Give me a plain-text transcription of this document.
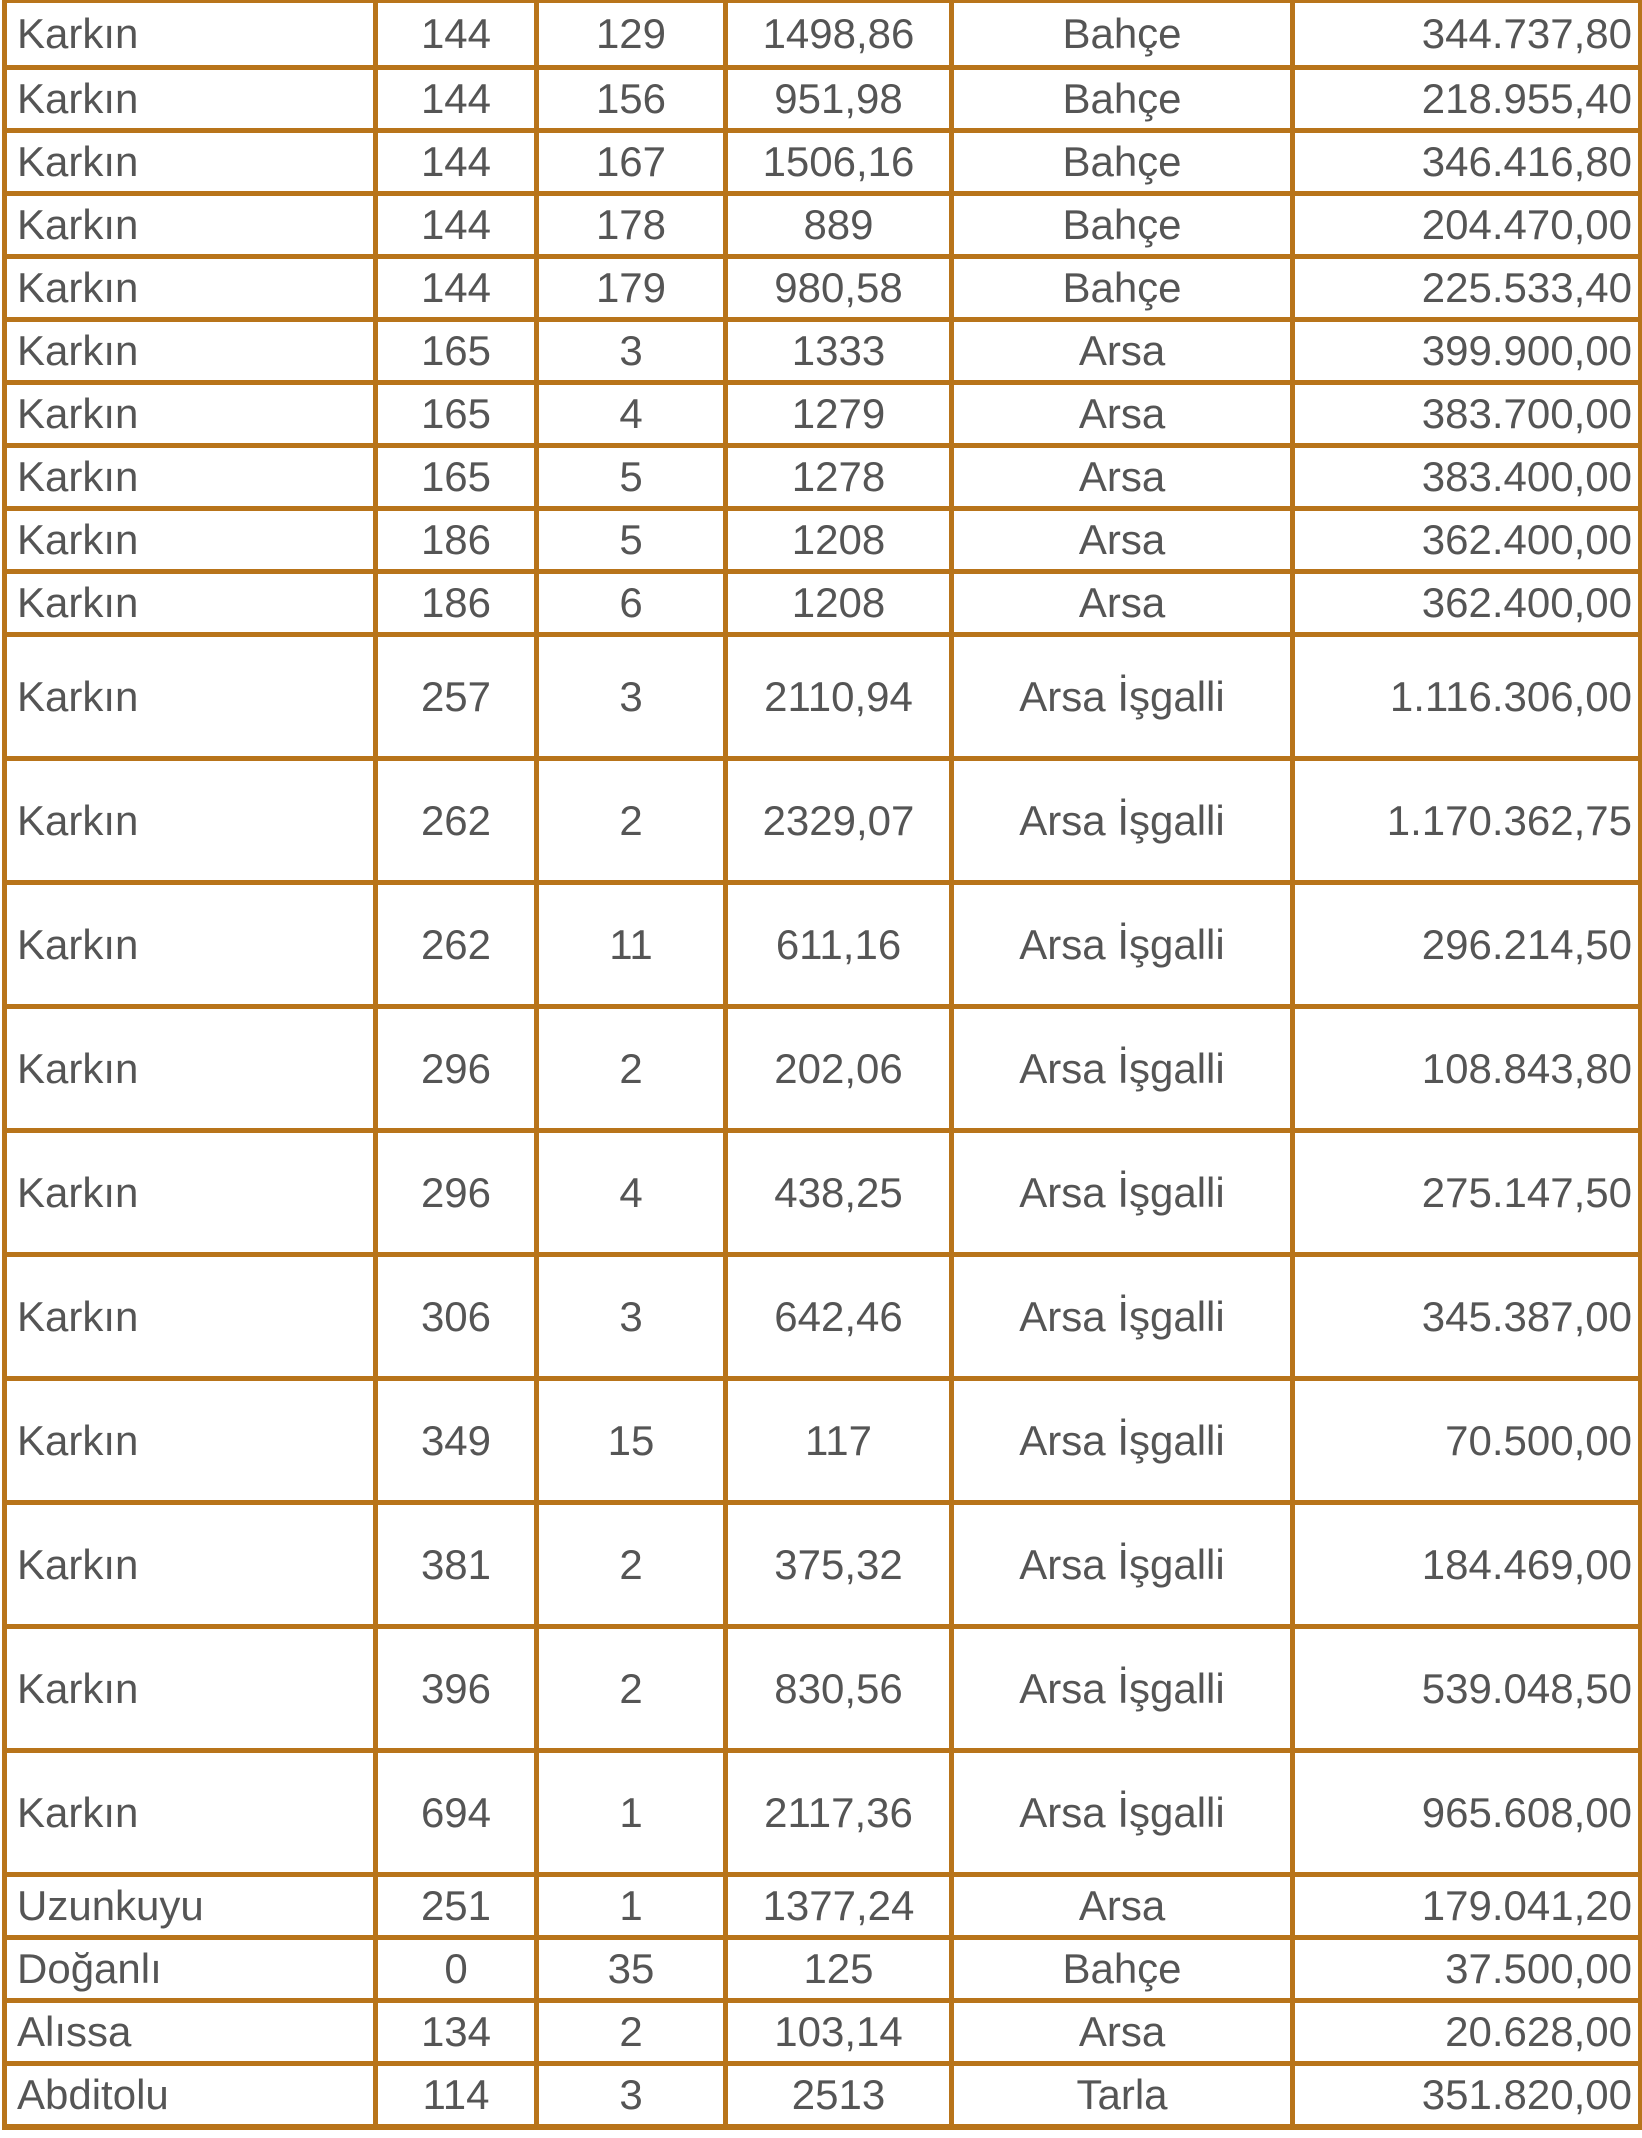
Karkın	144	129	1498,86	Bahçe	344.737,80
Karkın	144	156	951,98	Bahçe	218.955,40
Karkın	144	167	1506,16	Bahçe	346.416,80
Karkın	144	178	889	Bahçe	204.470,00
Karkın	144	179	980,58	Bahçe	225.533,40
Karkın	165	3	1333	Arsa	399.900,00
Karkın	165	4	1279	Arsa	383.700,00
Karkın	165	5	1278	Arsa	383.400,00
Karkın	186	5	1208	Arsa	362.400,00
Karkın	186	6	1208	Arsa	362.400,00
Karkın	257	3	2110,94	Arsa İşgalli	1.116.306,00
Karkın	262	2	2329,07	Arsa İşgalli	1.170.362,75
Karkın	262	11	611,16	Arsa İşgalli	296.214,50
Karkın	296	2	202,06	Arsa İşgalli	108.843,80
Karkın	296	4	438,25	Arsa İşgalli	275.147,50
Karkın	306	3	642,46	Arsa İşgalli	345.387,00
Karkın	349	15	117	Arsa İşgalli	70.500,00
Karkın	381	2	375,32	Arsa İşgalli	184.469,00
Karkın	396	2	830,56	Arsa İşgalli	539.048,50
Karkın	694	1	2117,36	Arsa İşgalli	965.608,00
Uzunkuyu	251	1	1377,24	Arsa	179.041,20
Doğanlı	0	35	125	Bahçe	37.500,00
Alıssa	134	2	103,14	Arsa	20.628,00
Abditolu	114	3	2513	Tarla	351.820,00
